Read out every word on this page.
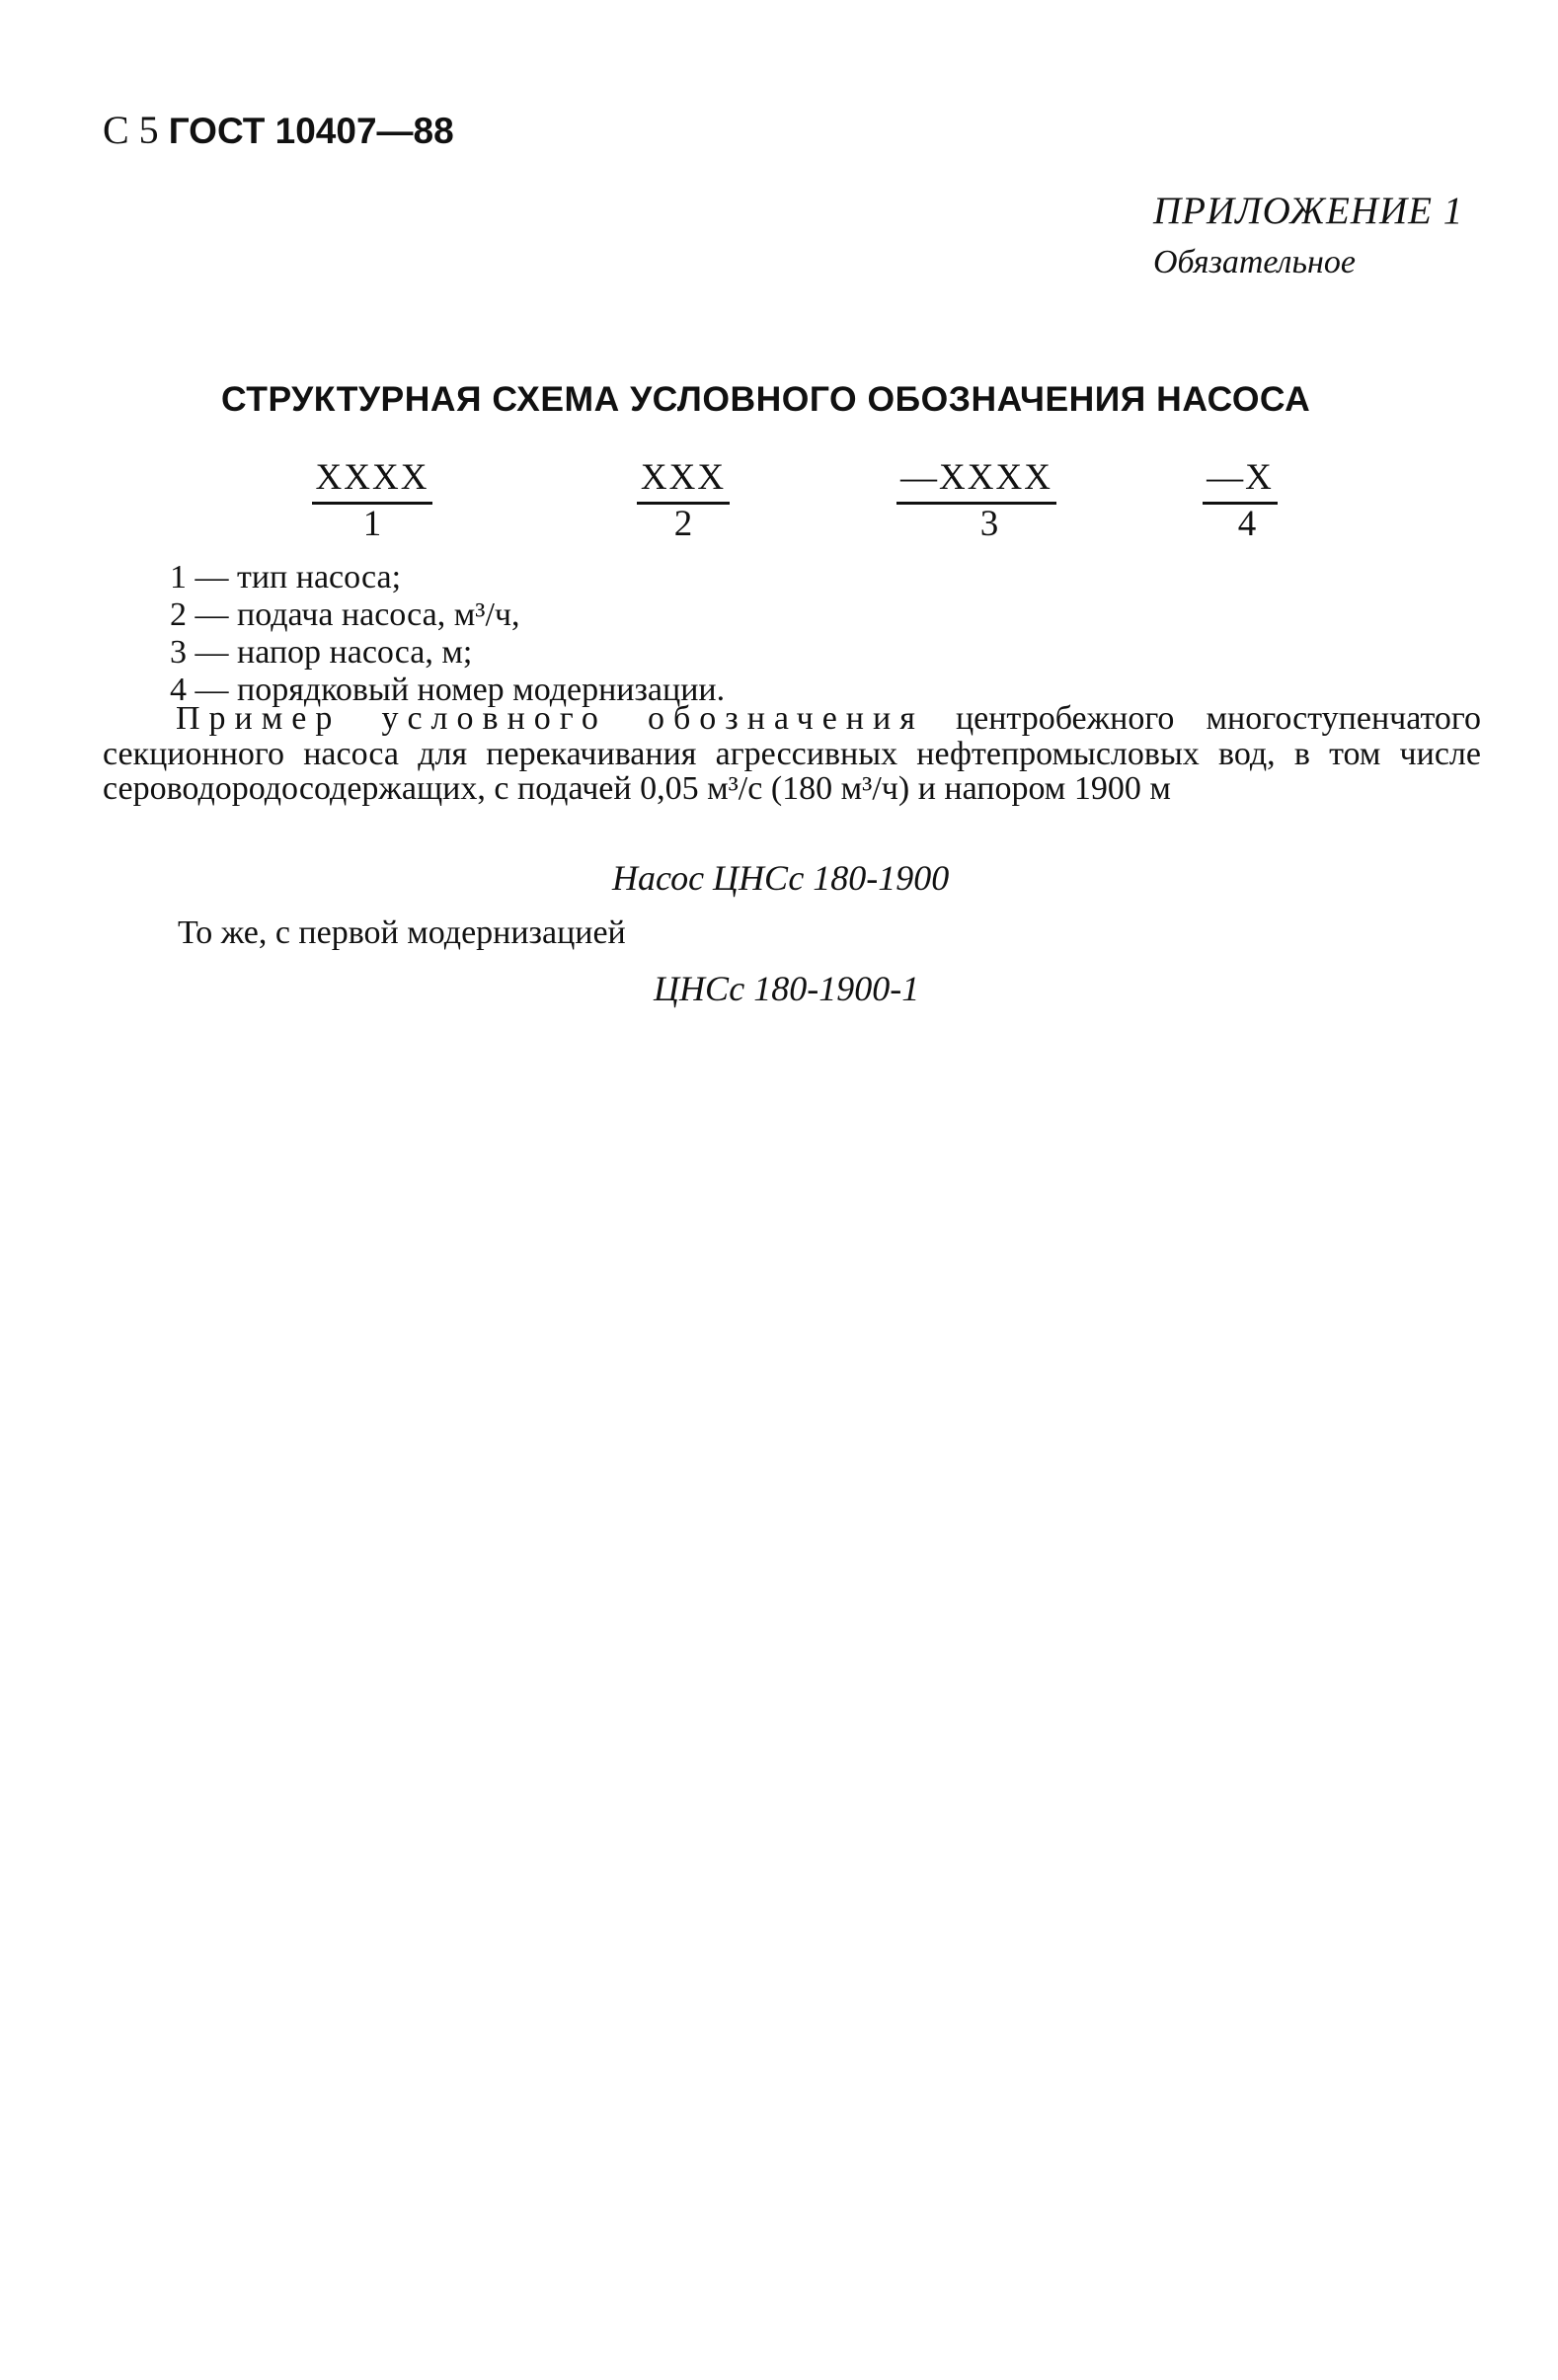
С 5 ГОСТ 10407—88
ПРИЛОЖЕНИЕ 1
Обязательное
СТРУКТУРНАЯ СХЕМА УСЛОВНОГО ОБОЗНАЧЕНИЯ НАСОСА
XXXX
1
XXX
2
—XXXX
3
—X
4
1 — тип насоса;
2 — подача насоса, м³/ч,
3 — напор насоса, м;
4 — порядковый номер модернизации.
Пример условного обозначения центробежного многоступенчатого секционного насоса для перекачивания агрессивных нефтепромысловых вод, в том числе сероводородосодержащих, с подачей 0,05 м³/с (180 м³/ч) и напором 1900 м
Насос ЦНСс 180-1900
То же, с первой модернизацией
ЦНСс 180-1900-1
